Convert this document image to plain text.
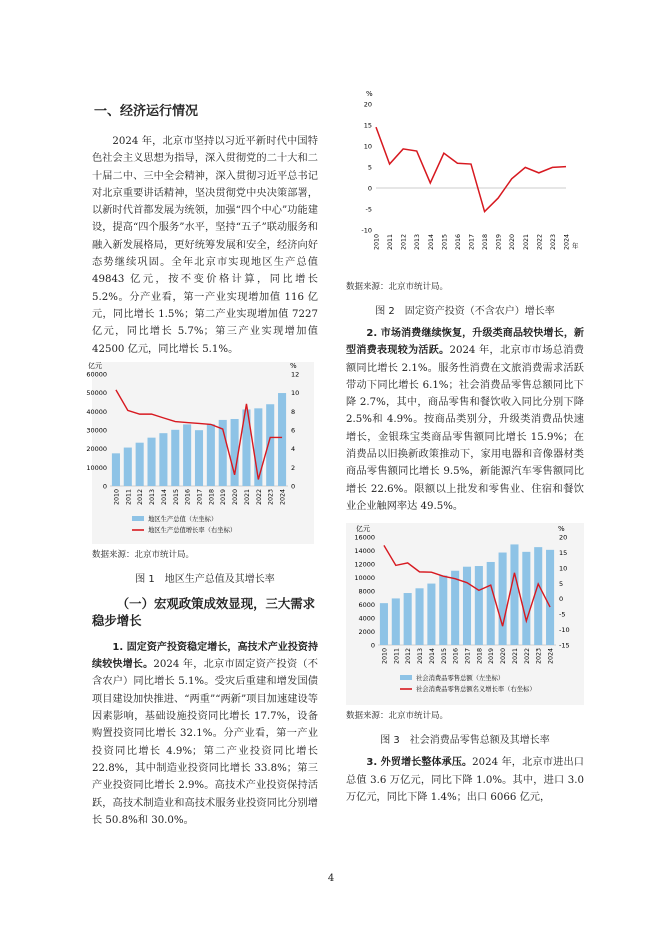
一、经济运行情况

2024 年，北京市坚持以习近平新时代中国特色社会主义思想为指导，深入贯彻党的二十大和二十届二中、三中全会精神，深入贯彻习近平总书记对北京重要讲话精神，坚决贯彻党中央决策部署，以新时代首都发展为统领，加强“四个中心”功能建设，提高“四个服务”水平，坚持“五子”联动服务和融入新发展格局，更好统筹发展和安全，经济向好态势继续巩固。全年北京市实现地区生产总值 49843 亿元，按不变价格计算，同比增长 5.2%。分产业看，第一产业实现增加值 116 亿元，同比增长 1.5%；第二产业实现增加值 7227 亿元，同比增长 5.7%；第三产业实现增加值 42500 亿元，同比增长 5.1%。

亿元	%
0
10000
20000
30000
40000
50000
60000
0
2
4
6
8
10
12
2010 2011 2012 2013 2014 2015 2016 2017 2018 2019 2020 2021 2022 2023 2024
地区生产总值（左坐标）
地区生产总值增长率（右坐标）

数据来源：北京市统计局。

图 1　地区生产总值及其增长率

（一）宏观政策成效显现，三大需求稳步增长

1. 固定资产投资稳定增长，高技术产业投资持续较快增长。2024 年，北京市固定资产投资（不含农户）同比增长 5.1%。受灾后重建和增发国债项目建设加快推进、“两重”“两新”项目加速建设等因素影响，基础设施投资同比增长 17.7%，设备购置投资同比增长 32.1%。分产业看，第一产业投资同比增长 4.9%；第二产业投资同比增长 22.8%，其中制造业投资同比增长 33.8%；第三产业投资同比增长 2.9%。高技术产业投资保持活跃，高技术制造业和高技术服务业投资同比分别增长 50.8%和 30.0%。

%
20
15
10
5
0
-5
-10
2010 2011 2012 2013 2014 2015 2016 2017 2018 2019 2020 2021 2022 2023 2024 年

数据来源：北京市统计局。

图 2　固定资产投资（不含农户）增长率

2. 市场消费继续恢复，升级类商品较快增长，新型消费表现较为活跃。2024 年，北京市市场总消费额同比增长 2.1%。服务性消费在文旅消费需求活跃带动下同比增长 6.1%；社会消费品零售总额同比下降 2.7%，其中，商品零售和餐饮收入同比分别下降 2.5%和 4.9%。按商品类别分，升级类消费品快速增长，金银珠宝类商品零售额同比增长 15.9%；在消费品以旧换新政策推动下，家用电器和音像器材类商品零售额同比增长 9.5%，新能源汽车零售额同比增长 22.6%。限额以上批发和零售业、住宿和餐饮业企业触网率达 49.5%。

亿元	%
0
2000
4000
6000
8000
10000
12000
14000
16000	20
15
10
5
0
-5
-10
-15
2010 2011 2012 2013 2014 2015 2016 2017 2018 2019 2020 2021 2022 2023 2024
社会消费品零售总额（左坐标）
社会消费品零售总额名义增长率（右坐标）

数据来源：北京市统计局。

图 3　社会消费品零售总额及其增长率

3. 外贸增长整体承压。2024 年，北京市进出口总值 3.6 万亿元，同比下降 1.0%。其中，进口 3.0 万亿元，同比下降 1.4%；出口 6066 亿元，

4
